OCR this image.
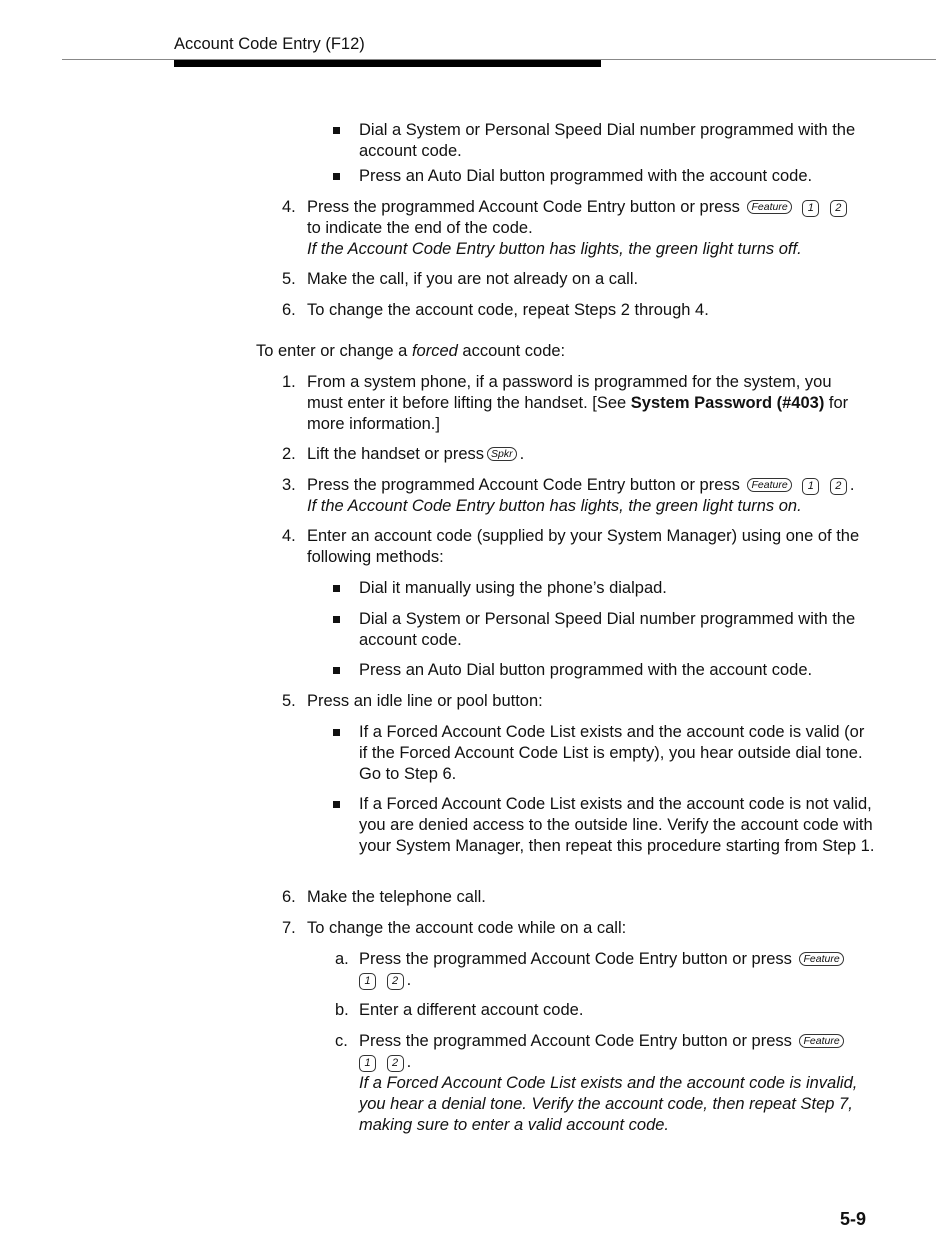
Account Code Entry (F12)
Dial a System or Personal Speed Dial number programmed with the account code.
Press an Auto Dial button programmed with the account code.
4. Press the programmed Account Code Entry button or press Feature 1 2
to indicate the end of the code.
If the Account Code Entry button has lights, the green light turns off.
5. Make the call, if you are not already on a call.
6. To change the account code, repeat Steps 2 through 4.
To enter or change a forced account code:
1. From a system phone, if a password is programmed for the system, you must enter it before lifting the handset. [See System Password (#403) for more information.]
2. Lift the handset or press Spkr .
3. Press the programmed Account Code Entry button or press Feature 1 2 .
If the Account Code Entry button has lights, the green light turns on.
4. Enter an account code (supplied by your System Manager) using one of the following methods:
Dial it manually using the phone’s dialpad.
Dial a System or Personal Speed Dial number programmed with the account code.
Press an Auto Dial button programmed with the account code.
5. Press an idle line or pool button:
If a Forced Account Code List exists and the account code is valid (or if the Forced Account Code List is empty), you hear outside dial tone. Go to Step 6.
If a Forced Account Code List exists and the account code is not valid, you are denied access to the outside line. Verify the account code with your System Manager, then repeat this procedure starting from Step 1.
6. Make the telephone call.
7. To change the account code while on a call:
a. Press the programmed Account Code Entry button or press Feature
1 2 .
b. Enter a different account code.
c. Press the programmed Account Code Entry button or press Feature
1 2 .
If a Forced Account Code List exists and the account code is invalid, you hear a denial tone. Verify the account code, then repeat Step 7, making sure to enter a valid account code.
5-9
